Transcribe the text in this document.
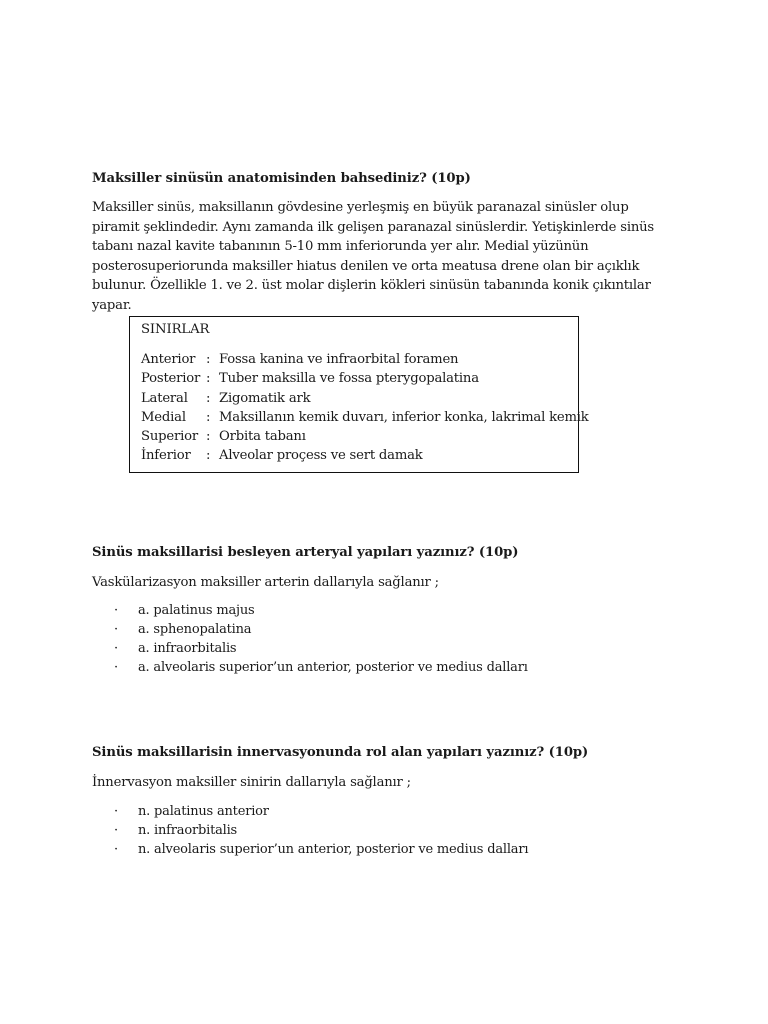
Maksiller sinüsün anatomisinden bahsediniz? (10p)
Maksiller sinüs, maksillanın gövdesine yerleşmiş en büyük paranazal sinüsler olup piramit şeklindedir. Aynı zamanda ilk gelişen paranazal sinüslerdir. Yetişkinlerde sinüs tabanı nazal kavite tabanının 5-10 mm inferiorunda yer alır. Medial yüzünün posterosuperiorunda maksiller hiatus denilen ve orta meatusa drene olan bir açıklık bulunur. Özellikle 1. ve 2. üst molar dişlerin kökleri sinüsün tabanında konik çıkıntılar yapar.
SINIRLAR
Anterior : Fossa kanina ve infraorbital foramen
Posterior : Tuber maksilla ve fossa pterygopalatina
Lateral	: Zigomatik ark
Medial	: Maksillanın kemik duvarı, inferior konka, lakrimal kemik
Superior : Orbita tabanı
İnferior	: Alveolar proçess ve sert damak
Sinüs maksillarisi besleyen arteryal yapıları yazınız? (10p)
Vaskülarizasyon maksiller arterin dallarıyla sağlanır ;
·	a. palatinus majus
·	a. sphenopalatina
·	a. infraorbitalis
·	a. alveolaris superior’un anterior, posterior ve medius dalları
Sinüs maksillarisin innervasyonunda rol alan yapıları yazınız? (10p)
İnnervasyon maksiller sinirin dallarıyla sağlanır ;
·	n. palatinus anterior
·	n. infraorbitalis
·	n. alveolaris superior’un anterior, posterior ve medius dalları
